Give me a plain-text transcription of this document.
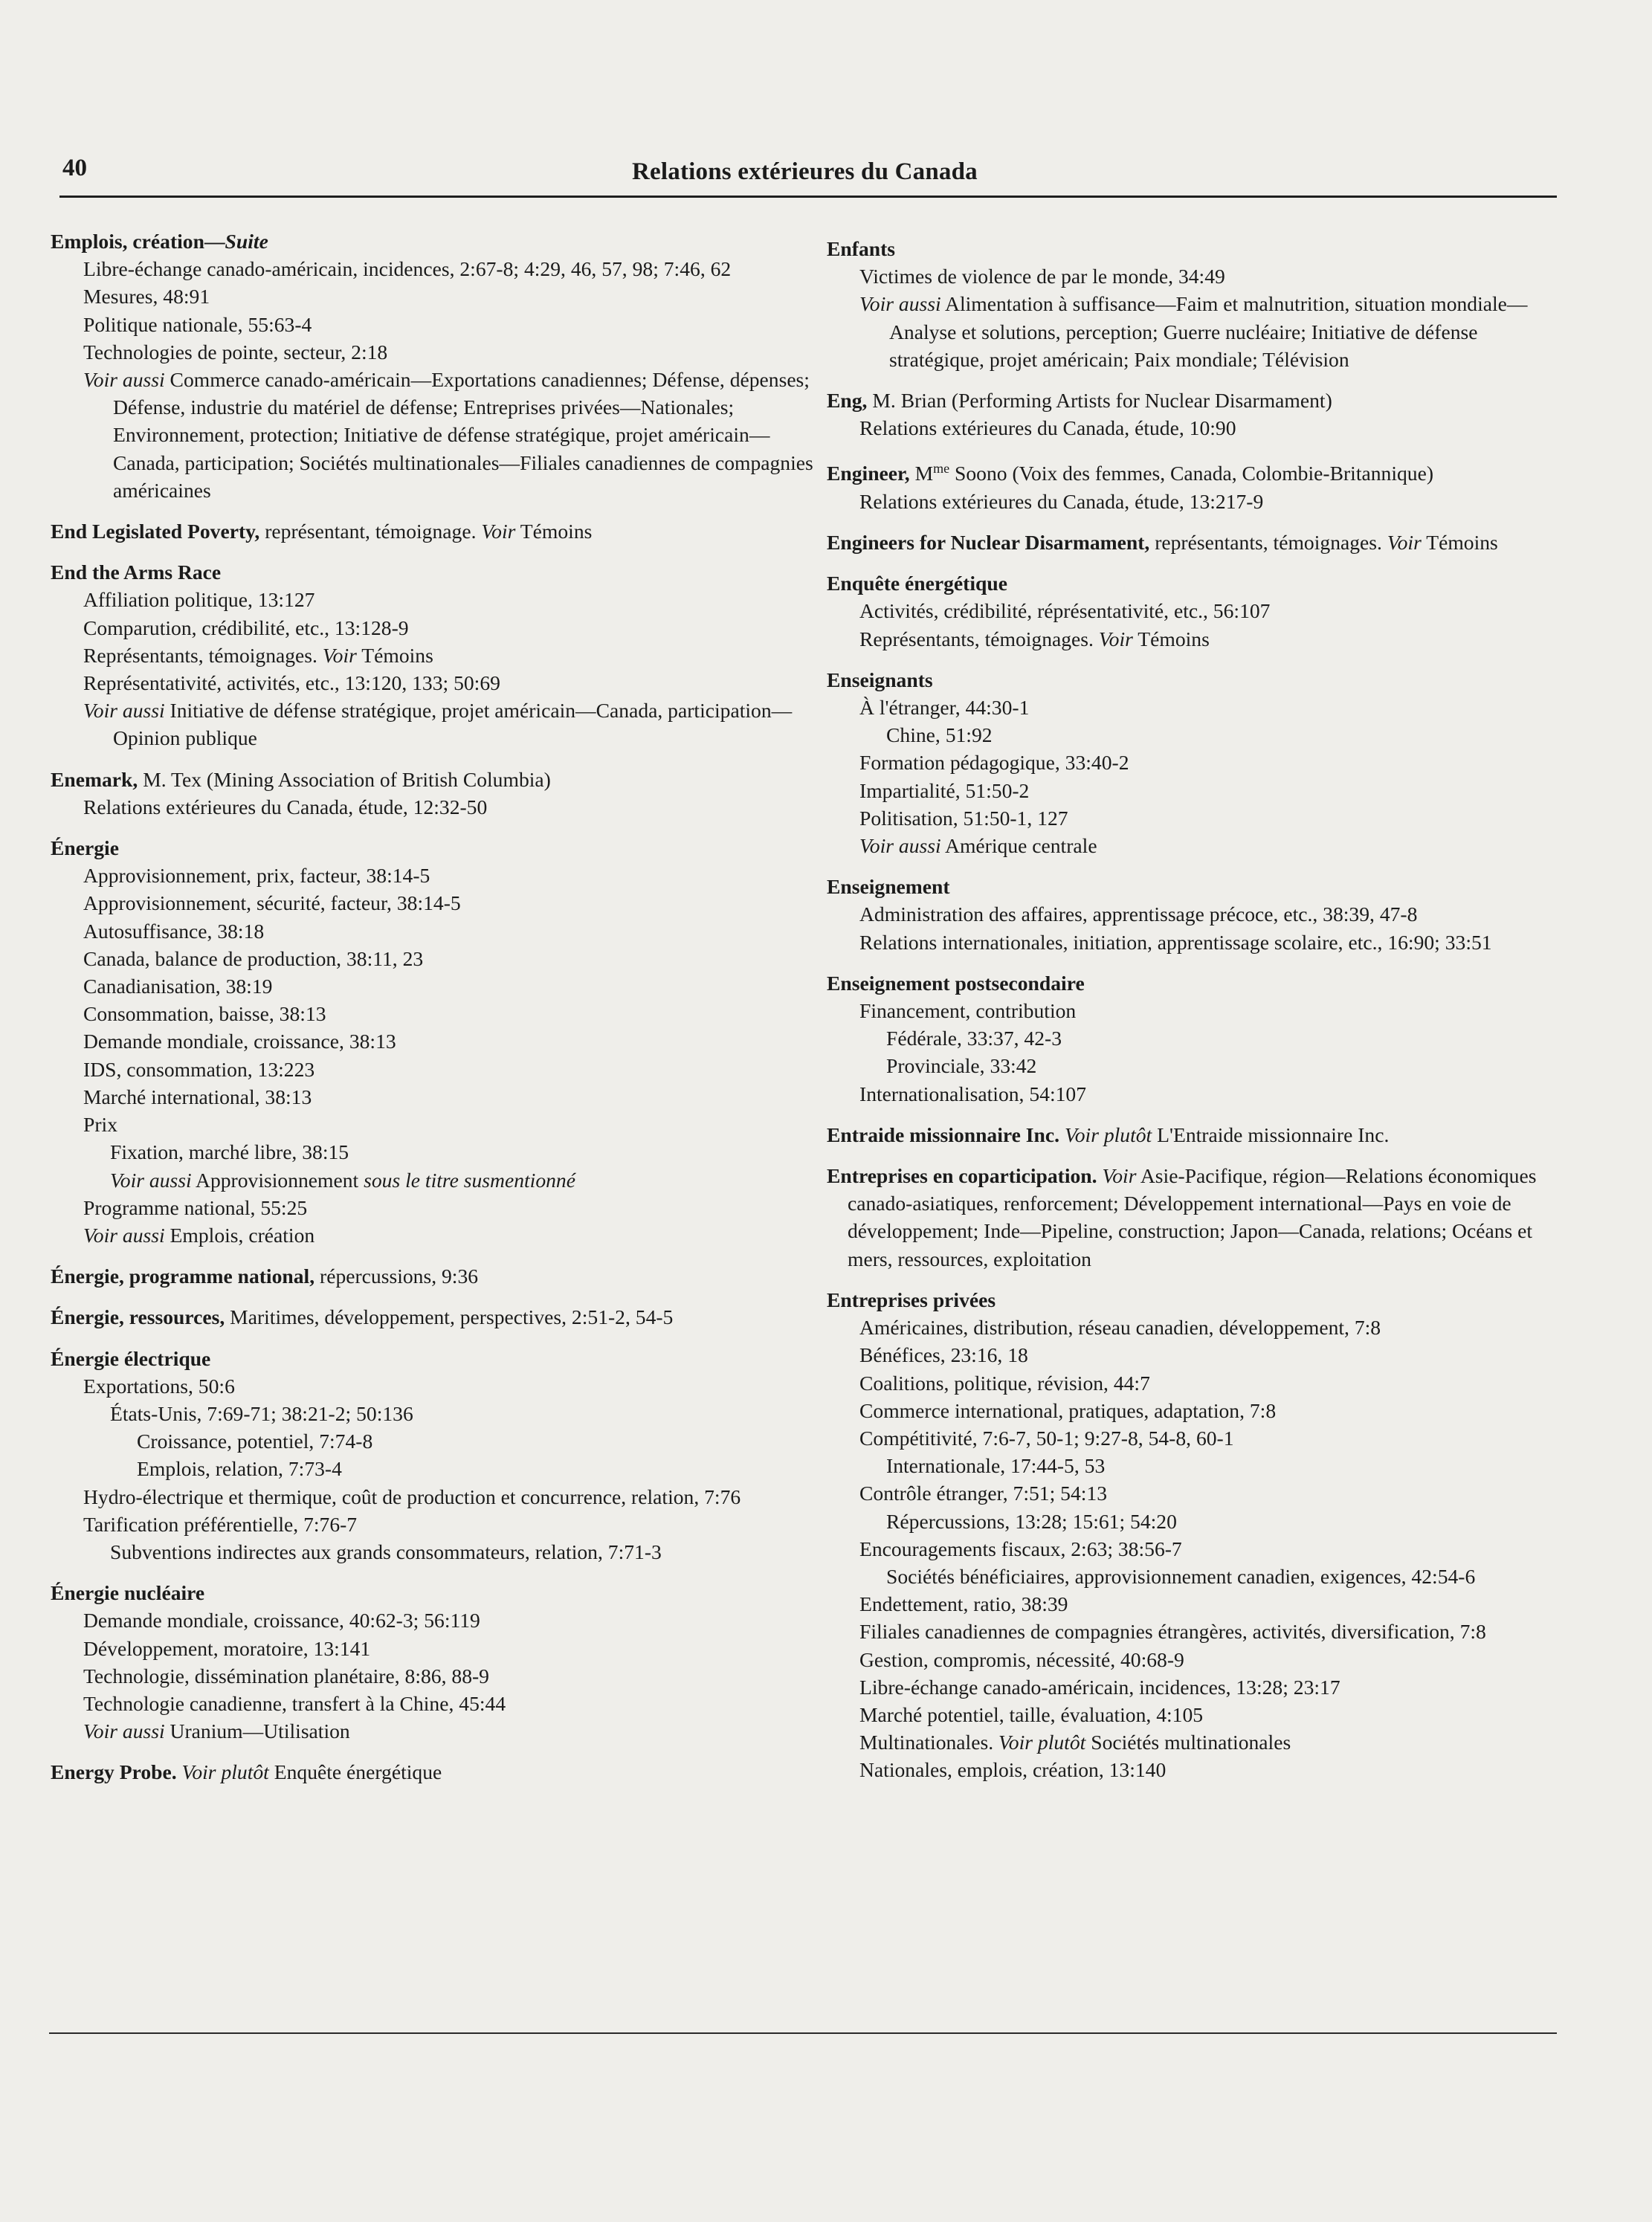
40	Relations extérieures du Canada
Emplois, création—Suite
Libre-échange canado-américain, incidences, 2:67-8; 4:29, 46, 57, 98; 7:46, 62
Mesures, 48:91
Politique nationale, 55:63-4
Technologies de pointe, secteur, 2:18
Voir aussi Commerce canado-américain—Exportations canadiennes; Défense, dépenses; Défense, industrie du matériel de défense; Entreprises privées—Nationales; Environnement, protection; Initiative de défense stratégique, projet américain—Canada, participation; Sociétés multinationales—Filiales canadiennes de compagnies américaines
End Legislated Poverty, représentant, témoignage. Voir Témoins
End the Arms Race
Affiliation politique, 13:127
Comparution, crédibilité, etc., 13:128-9
Représentants, témoignages. Voir Témoins
Représentativité, activités, etc., 13:120, 133; 50:69
Voir aussi Initiative de défense stratégique, projet américain—Canada, participation—Opinion publique
Enemark, M. Tex (Mining Association of British Columbia)
Relations extérieures du Canada, étude, 12:32-50
Énergie
Approvisionnement, prix, facteur, 38:14-5
Approvisionnement, sécurité, facteur, 38:14-5
Autosuffisance, 38:18
Canada, balance de production, 38:11, 23
Canadianisation, 38:19
Consommation, baisse, 38:13
Demande mondiale, croissance, 38:13
IDS, consommation, 13:223
Marché international, 38:13
Prix
Fixation, marché libre, 38:15
Voir aussi Approvisionnement sous le titre susmentionné
Programme national, 55:25
Voir aussi Emplois, création
Énergie, programme national, répercussions, 9:36
Énergie, ressources, Maritimes, développement, perspectives, 2:51-2, 54-5
Énergie électrique
Exportations, 50:6
États-Unis, 7:69-71; 38:21-2; 50:136
Croissance, potentiel, 7:74-8
Emplois, relation, 7:73-4
Hydro-électrique et thermique, coût de production et concurrence, relation, 7:76
Tarification préférentielle, 7:76-7
Subventions indirectes aux grands consommateurs, relation, 7:71-3
Énergie nucléaire
Demande mondiale, croissance, 40:62-3; 56:119
Développement, moratoire, 13:141
Technologie, dissémination planétaire, 8:86, 88-9
Technologie canadienne, transfert à la Chine, 45:44
Voir aussi Uranium—Utilisation
Energy Probe. Voir plutôt Enquête énergétique
Enfants
Victimes de violence de par le monde, 34:49
Voir aussi Alimentation à suffisance—Faim et malnutrition, situation mondiale—Analyse et solutions, perception; Guerre nucléaire; Initiative de défense stratégique, projet américain; Paix mondiale; Télévision
Eng, M. Brian (Performing Artists for Nuclear Disarmament)
Relations extérieures du Canada, étude, 10:90
Engineer, $M^{me}$ Soono (Voix des femmes, Canada, Colombie-Britannique)
Relations extérieures du Canada, étude, 13:217-9
Engineers for Nuclear Disarmament, représentants, témoignages. Voir Témoins
Enquête énergétique
Activités, crédibilité, réprésentativité, etc., 56:107
Représentants, témoignages. Voir Témoins
Enseignants
À l'étranger, 44:30-1
Chine, 51:92
Formation pédagogique, 33:40-2
Impartialité, 51:50-2
Politisation, 51:50-1, 127
Voir aussi Amérique centrale
Enseignement
Administration des affaires, apprentissage précoce, etc., 38:39, 47-8
Relations internationales, initiation, apprentissage scolaire, etc., 16:90; 33:51
Enseignement postsecondaire
Financement, contribution
Fédérale, 33:37, 42-3
Provinciale, 33:42
Internationalisation, 54:107
Entraide missionnaire Inc. Voir plutôt L'Entraide missionnaire Inc.
Entreprises en coparticipation. Voir Asie-Pacifique, région—Relations économiques canado-asiatiques, renforcement; Développement international—Pays en voie de développement; Inde—Pipeline, construction; Japon—Canada, relations; Océans et mers, ressources, exploitation
Entreprises privées
Américaines, distribution, réseau canadien, développement, 7:8
Bénéfices, 23:16, 18
Coalitions, politique, révision, 44:7
Commerce international, pratiques, adaptation, 7:8
Compétitivité, 7:6-7, 50-1; 9:27-8, 54-8, 60-1
Internationale, 17:44-5, 53
Contrôle étranger, 7:51; 54:13
Répercussions, 13:28; 15:61; 54:20
Encouragements fiscaux, 2:63; 38:56-7
Sociétés bénéficiaires, approvisionnement canadien, exigences, 42:54-6
Endettement, ratio, 38:39
Filiales canadiennes de compagnies étrangères, activités, diversification, 7:8
Gestion, compromis, nécessité, 40:68-9
Libre-échange canado-américain, incidences, 13:28; 23:17
Marché potentiel, taille, évaluation, 4:105
Multinationales. Voir plutôt Sociétés multinationales
Nationales, emplois, création, 13:140
